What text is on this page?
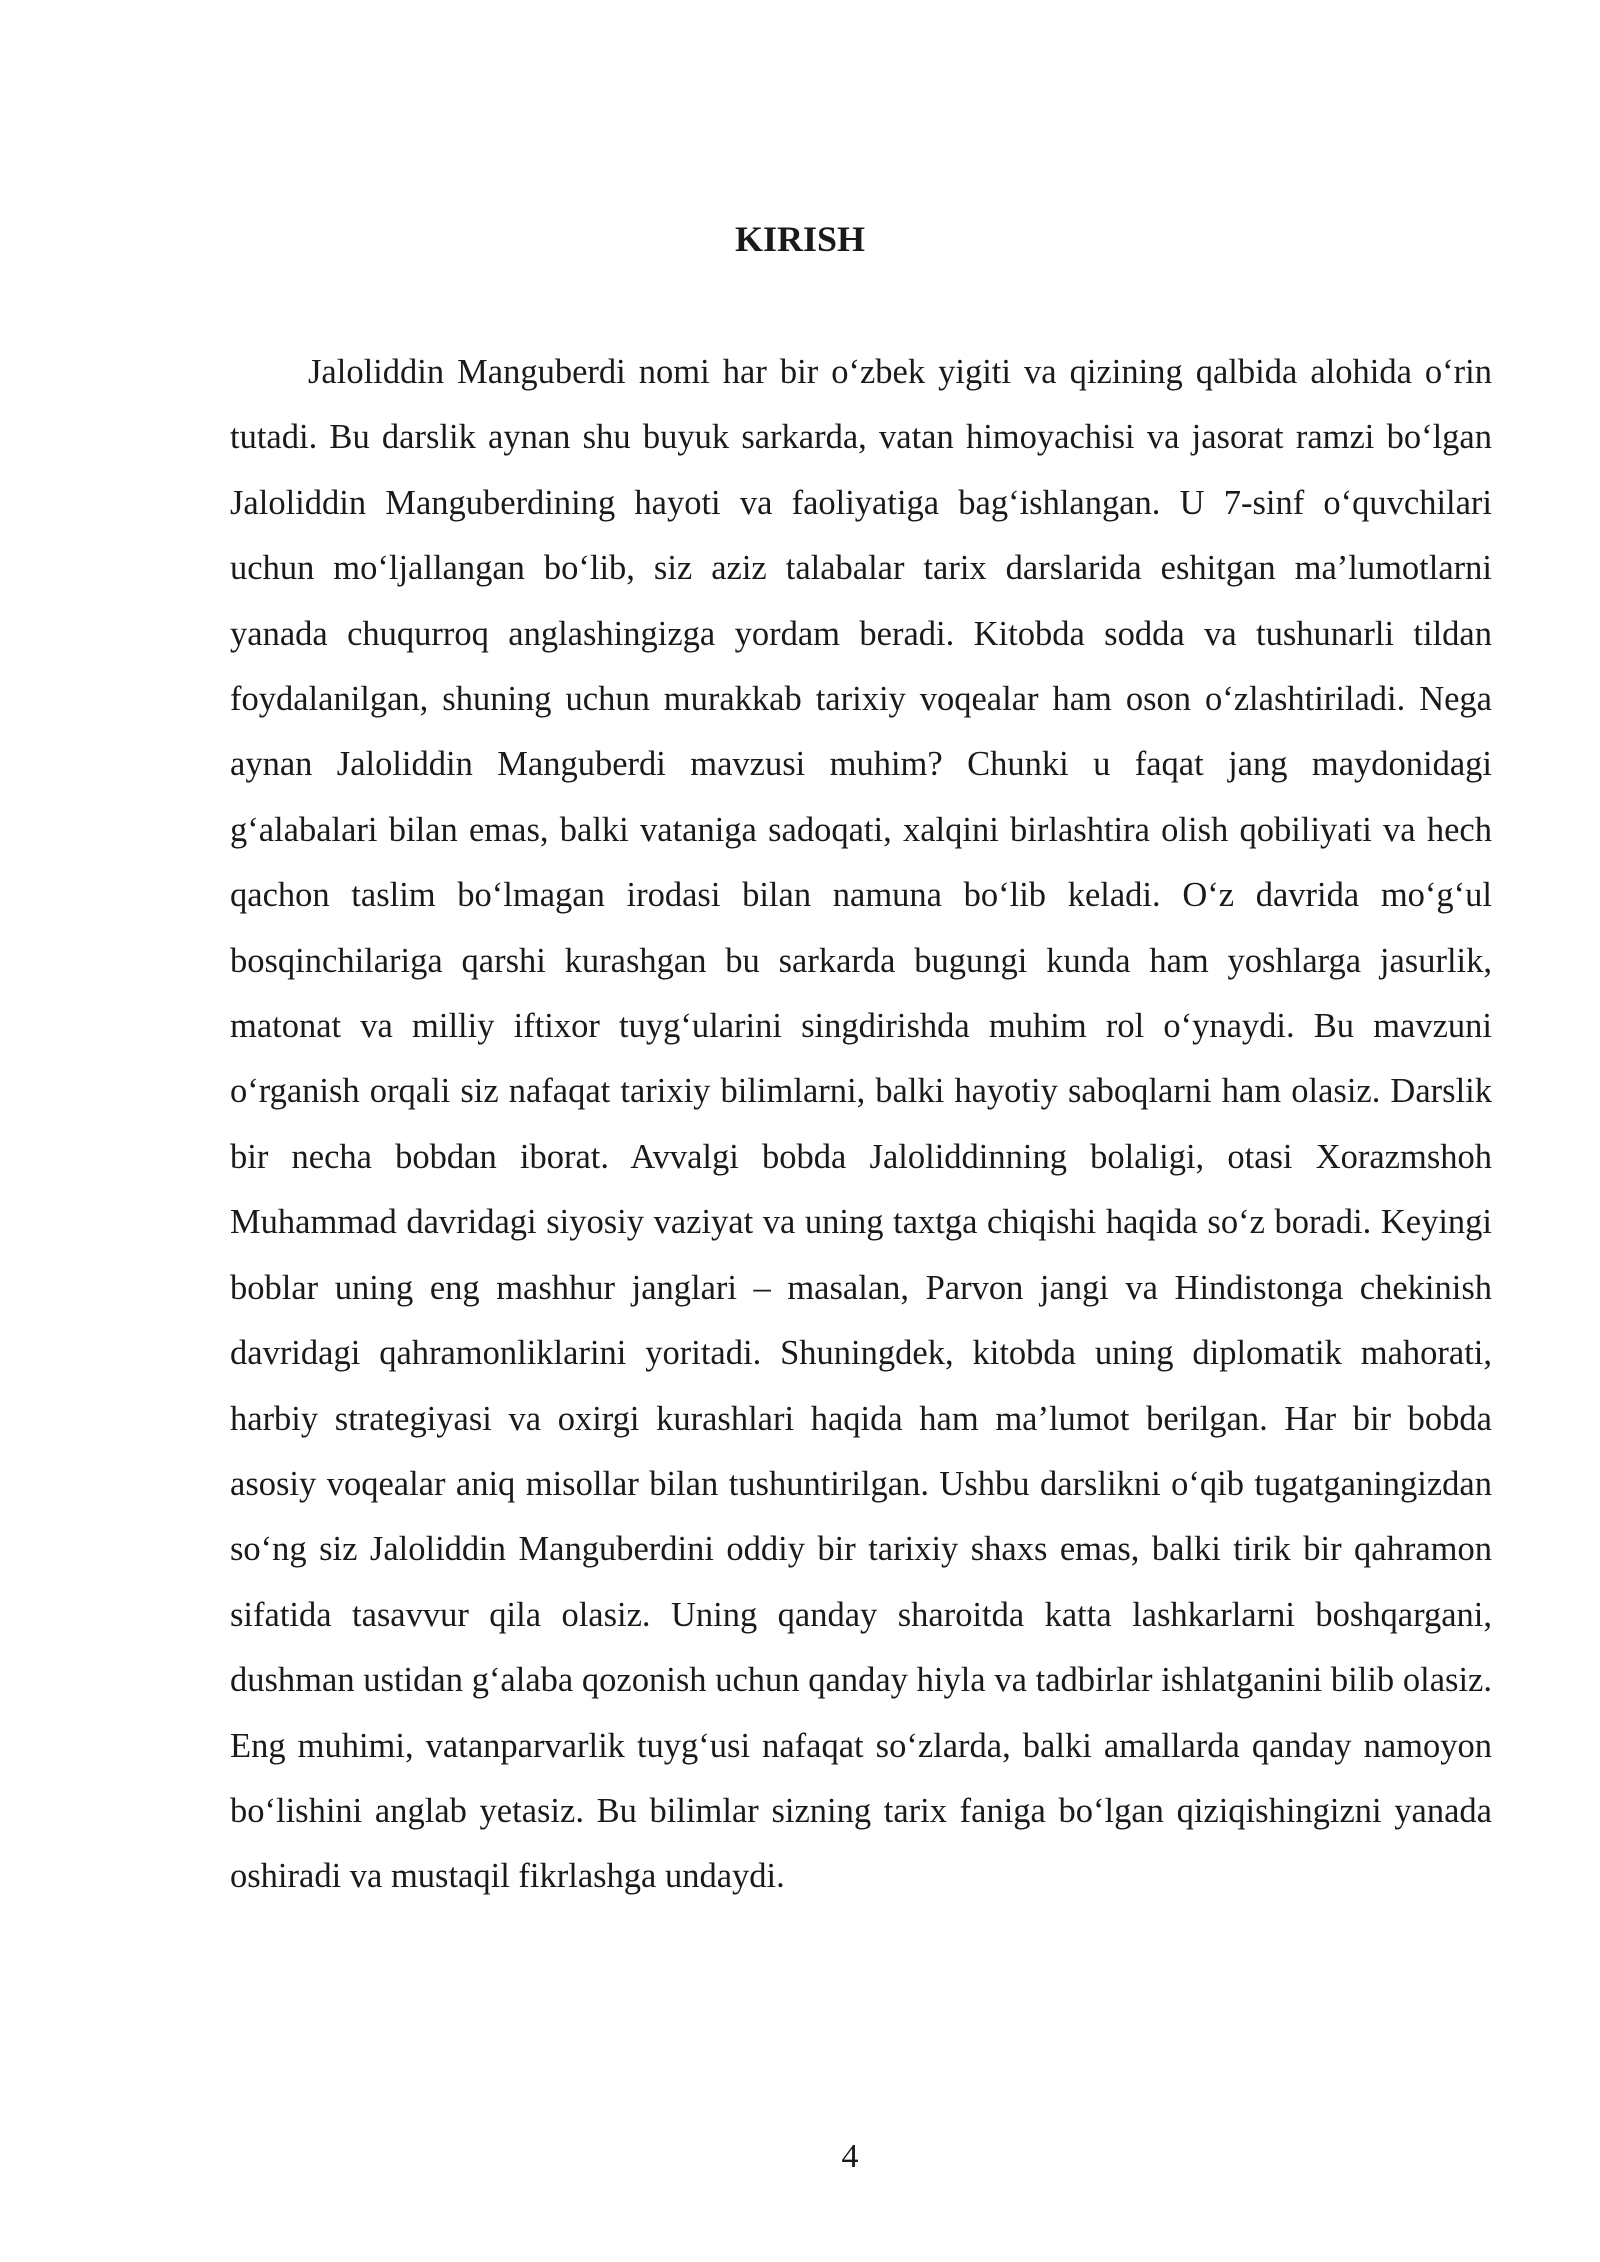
KIRISH

Jaloliddin Manguberdi nomi har bir o‘zbek yigiti va qizining qalbida alohida o‘rin tutadi. Bu darslik aynan shu buyuk sarkarda, vatan himoyachisi va jasorat ramzi bo‘lgan Jaloliddin Manguberdining hayoti va faoliyatiga bag‘ishlangan. U 7-sinf o‘quvchilari uchun mo‘ljallangan bo‘lib, siz aziz talabalar tarix darslarida eshitgan ma’lumotlarni yanada chuqurroq anglashingizga yordam beradi. Kitobda sodda va tushunarli tildan foydalanilgan, shuning uchun murakkab tarixiy voqealar ham oson o‘zlashtiriladi. Nega aynan Jaloliddin Manguberdi mavzusi muhim? Chunki u faqat jang maydonidagi g‘alabalari bilan emas, balki vataniga sadoqati, xalqini birlashtira olish qobiliyati va hech qachon taslim bo‘lmagan irodasi bilan namuna bo‘lib keladi. O‘z davrida mo‘g‘ul bosqinchilariga qarshi kurashgan bu sarkarda bugungi kunda ham yoshlarga jasurlik, matonat va milliy iftixor tuyg‘ularini singdirishda muhim rol o‘ynaydi. Bu mavzuni o‘rganish orqali siz nafaqat tarixiy bilimlarni, balki hayotiy saboqlarni ham olasiz. Darslik bir necha bobdan iborat. Avvalgi bobda Jaloliddinning bolaligi, otasi Xorazmshoh Muhammad davridagi siyosiy vaziyat va uning taxtga chiqishi haqida so‘z boradi. Keyingi boblar uning eng mashhur janglari – masalan, Parvon jangi va Hindistonga chekinish davridagi qahramonliklarini yoritadi. Shuningdek, kitobda uning diplomatik mahorati, harbiy strategiyasi va oxirgi kurashlari haqida ham ma’lumot berilgan. Har bir bobda asosiy voqealar aniq misollar bilan tushuntirilgan. Ushbu darslikni o‘qib tugatganingizdan so‘ng siz Jaloliddin Manguberdini oddiy bir tarixiy shaxs emas, balki tirik bir qahramon sifatida tasavvur qila olasiz. Uning qanday sharoitda katta lashkarlarni boshqargani, dushman ustidan g‘alaba qozonish uchun qanday hiyla va tadbirlar ishlatganini bilib olasiz. Eng muhimi, vatanparvarlik tuyg‘usi nafaqat so‘zlarda, balki amallarda qanday namoyon bo‘lishini anglab yetasiz. Bu bilimlar sizning tarix faniga bo‘lgan qiziqishingizni yanada oshiradi va mustaqil fikrlashga undaydi.

4
